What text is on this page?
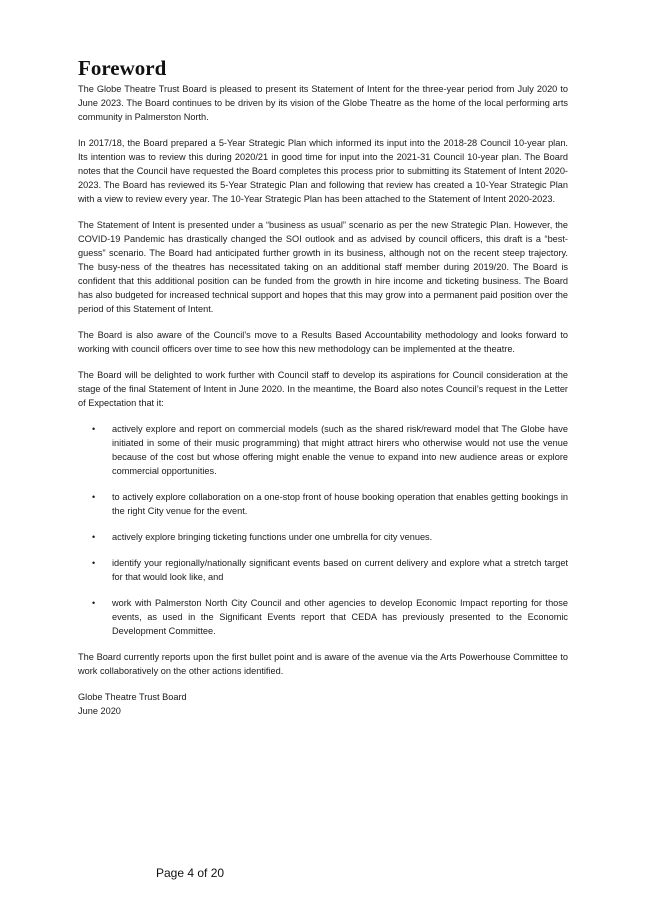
Foreword

The Globe Theatre Trust Board is pleased to present its Statement of Intent for the three-year period from July 2020 to June 2023. The Board continues to be driven by its vision of the Globe Theatre as the home of the local performing arts community in Palmerston North.

In 2017/18, the Board prepared a 5-Year Strategic Plan which informed its input into the 2018-28 Council 10-year plan. Its intention was to review this during 2020/21 in good time for input into the 2021-31 Council 10-year plan. The Board notes that the Council have requested the Board completes this process prior to submitting its Statement of Intent 2020-2023. The Board has reviewed its 5-Year Strategic Plan and following that review has created a 10-Year Strategic Plan with a view to review every year. The 10-Year Strategic Plan has been attached to the Statement of Intent 2020-2023.

The Statement of Intent is presented under a “business as usual” scenario as per the new Strategic Plan. However, the COVID-19 Pandemic has drastically changed the SOI outlook and as advised by council officers, this draft is a “best-guess” scenario. The Board had anticipated further growth in its business, although not on the recent steep trajectory. The busy-ness of the theatres has necessitated taking on an additional staff member during 2019/20. The Board is confident that this additional position can be funded from the growth in hire income and ticketing business. The Board has also budgeted for increased technical support and hopes that this may grow into a permanent paid position over the period of this Statement of Intent.

The Board is also aware of the Council’s move to a Results Based Accountability methodology and looks forward to working with council officers over time to see how this new methodology can be implemented at the theatre.

The Board will be delighted to work further with Council staff to develop its aspirations for Council consideration at the stage of the final Statement of Intent in June 2020. In the meantime, the Board also notes Council’s request in the Letter of Expectation that it:

• actively explore and report on commercial models (such as the shared risk/reward model that The Globe have initiated in some of their music programming) that might attract hirers who otherwise would not use the venue because of the cost but whose offering might enable the venue to expand into new audience areas or explore commercial opportunities.
• to actively explore collaboration on a one-stop front of house booking operation that enables getting bookings in the right City venue for the event.
• actively explore bringing ticketing functions under one umbrella for city venues.
• identify your regionally/nationally significant events based on current delivery and explore what a stretch target for that would look like, and
• work with Palmerston North City Council and other agencies to develop Economic Impact reporting for those events, as used in the Significant Events report that CEDA has previously presented to the Economic Development Committee.

The Board currently reports upon the first bullet point and is aware of the avenue via the Arts Powerhouse Committee to work collaboratively on the other actions identified.

Globe Theatre Trust Board

June 2020

Page 4 of 20
